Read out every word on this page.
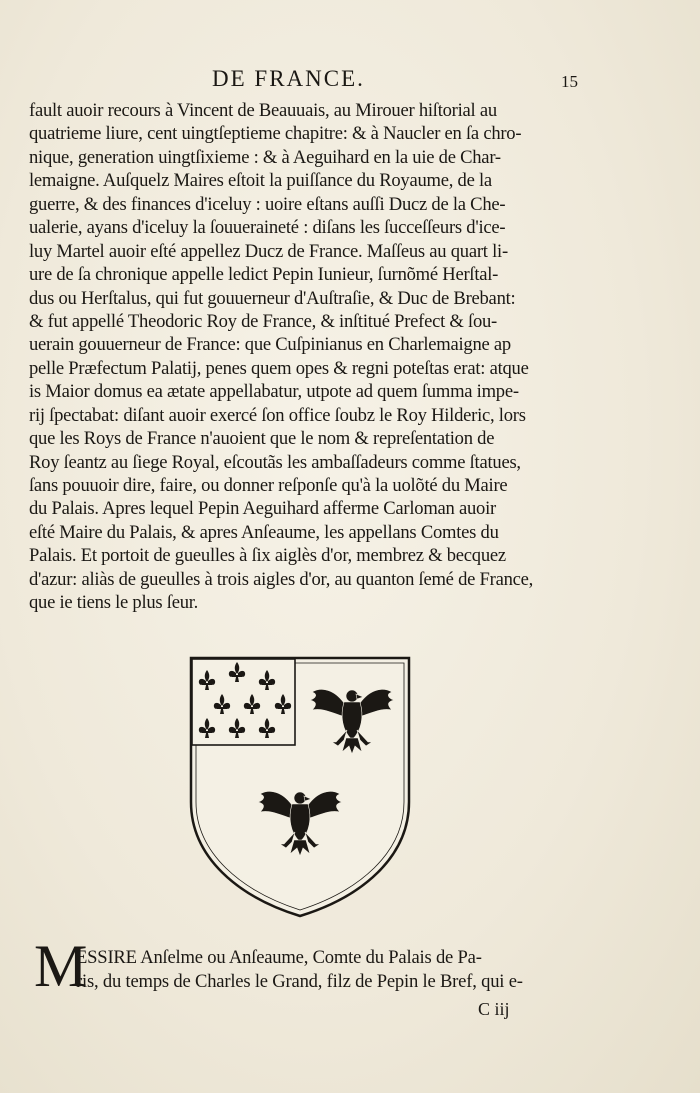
DE FRANCE.	15
fault auoir recours à Vincent de Beauuais, au Mirouer hiſtorial au
quatrieme liure, cent uingtſeptieme chapitre: & à Naucler en ſa chro-
nique, generation uingtſixieme : & à Aeguihard en la uie de Char-
lemaigne. Auſquelz Maires eſtoit la puiſſance du Royaume, de la
guerre, & des finances d'iceluy : uoire eſtans auſſi Ducz de la Che-
ualerie, ayans d'iceluy la ſouueraineté : diſans les ſucceſſeurs d'ice-
luy Martel auoir eſté appellez Ducz de France. Maſſeus au quart li-
ure de ſa chronique appelle ledict Pepin Iunieur, ſurnõmé Herſtal-
dus ou Herſtalus, qui fut gouuerneur d'Auſtraſie, & Duc de Brebant:
& fut appellé Theodoric Roy de France, & inſtitué Prefect & ſou-
uerain gouuerneur de France: que Cuſpinianus en Charlemaigne ap
pelle Præfectum Palatij, penes quem opes & regni poteſtas erat: atque
is Maior domus ea ætate appellabatur, utpote ad quem ſumma impe-
rij ſpectabat: diſant auoir exercé ſon office ſoubz le Roy Hilderic, lors
que les Roys de France n'auoient que le nom & repreſentation de
Roy ſeantz au ſiege Royal, eſcoutãs les ambaſſadeurs comme ſtatues,
ſans pouuoir dire, faire, ou donner reſponſe qu'à la uolõté du Maire
du Palais. Apres lequel Pepin Aeguihard afferme Carloman auoir
eſté Maire du Palais, & apres Anſeaume, les appellans Comtes du
Palais. Et portoit de gueulles à ſix aiglès d'or, membrez & becquez
d'azur: aliàs de gueulles à trois aigles d'or, au quanton ſemé de France,
que ie tiens le plus ſeur.
M
ESSIRE Anſelme ou Anſeaume, Comte du Palais de Pa-
ris, du temps de Charles le Grand, filz de Pepin le Bref, qui e-
C iij
